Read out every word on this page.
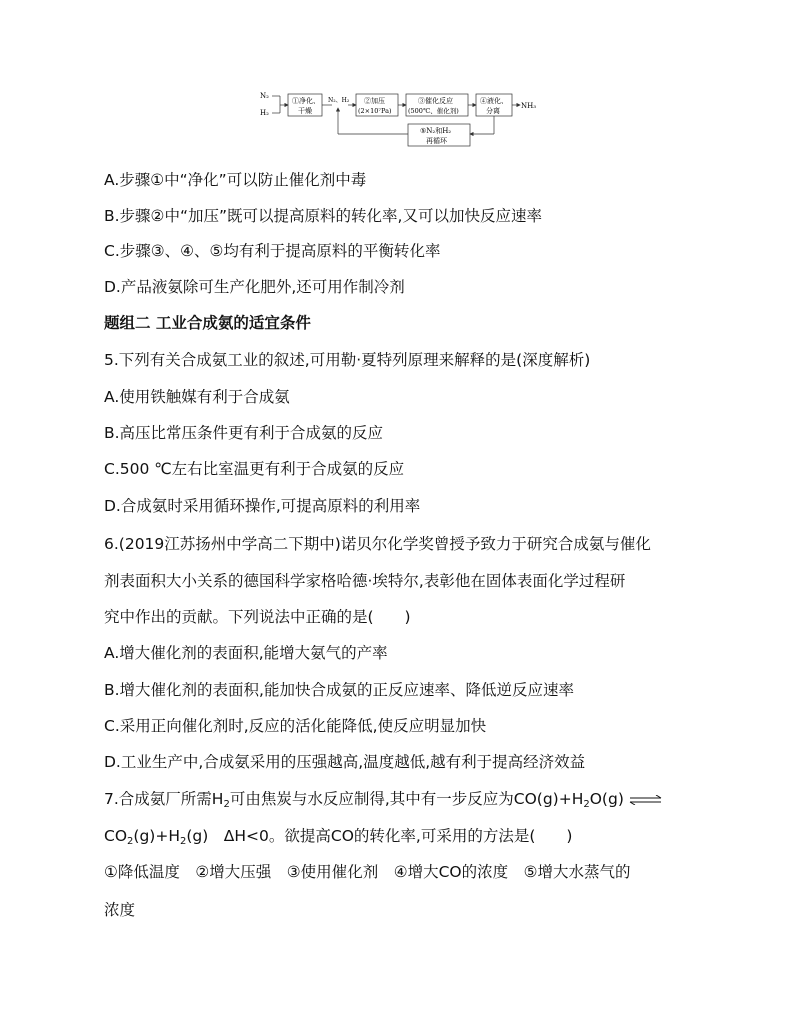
N₂
H₂
①净化、
干燥
N₂、H₂ ②加压
(2×10⁷Pa)
③催化反应
(500℃、催化剂)
④液化、
分离
NH₃
⑤N₂和H₂
再循环
A.步骤①中“净化”可以防止催化剂中毒
B.步骤②中“加压”既可以提高原料的转化率,又可以加快反应速率
C.步骤③、④、⑤均有利于提高原料的平衡转化率
D.产品液氨除可生产化肥外,还可用作制冷剂
题组二 工业合成氨的适宜条件
5.下列有关合成氨工业的叙述,可用勒·夏特列原理来解释的是(深度解析)
A.使用铁触媒有利于合成氨
B.高压比常压条件更有利于合成氨的反应
C.500 ℃左右比室温更有利于合成氨的反应
D.合成氨时采用循环操作,可提高原料的利用率
6.(2019江苏扬州中学高二下期中)诺贝尔化学奖曾授予致力于研究合成氨与催化
剂表面积大小关系的德国科学家格哈德·埃特尔,表彰他在固体表面化学过程研
究中作出的贡献。下列说法中正确的是(　　)
A.增大催化剂的表面积,能增大氨气的产率
B.增大催化剂的表面积,能加快合成氨的正反应速率、降低逆反应速率
C.采用正向催化剂时,反应的活化能降低,使反应明显加快
D.工业生产中,合成氨采用的压强越高,温度越低,越有利于提高经济效益
7.合成氨厂所需$H_2$可由焦炭与水反应制得,其中有一步反应为$CO(g)+H_2O(g)$ ⇌
$CO_2(g)+H_2(g)$　ΔH<0。欲提高CO的转化率,可采用的方法是(　　)
①降低温度　②增大压强　③使用催化剂　④增大CO的浓度　⑤增大水蒸气的
浓度
